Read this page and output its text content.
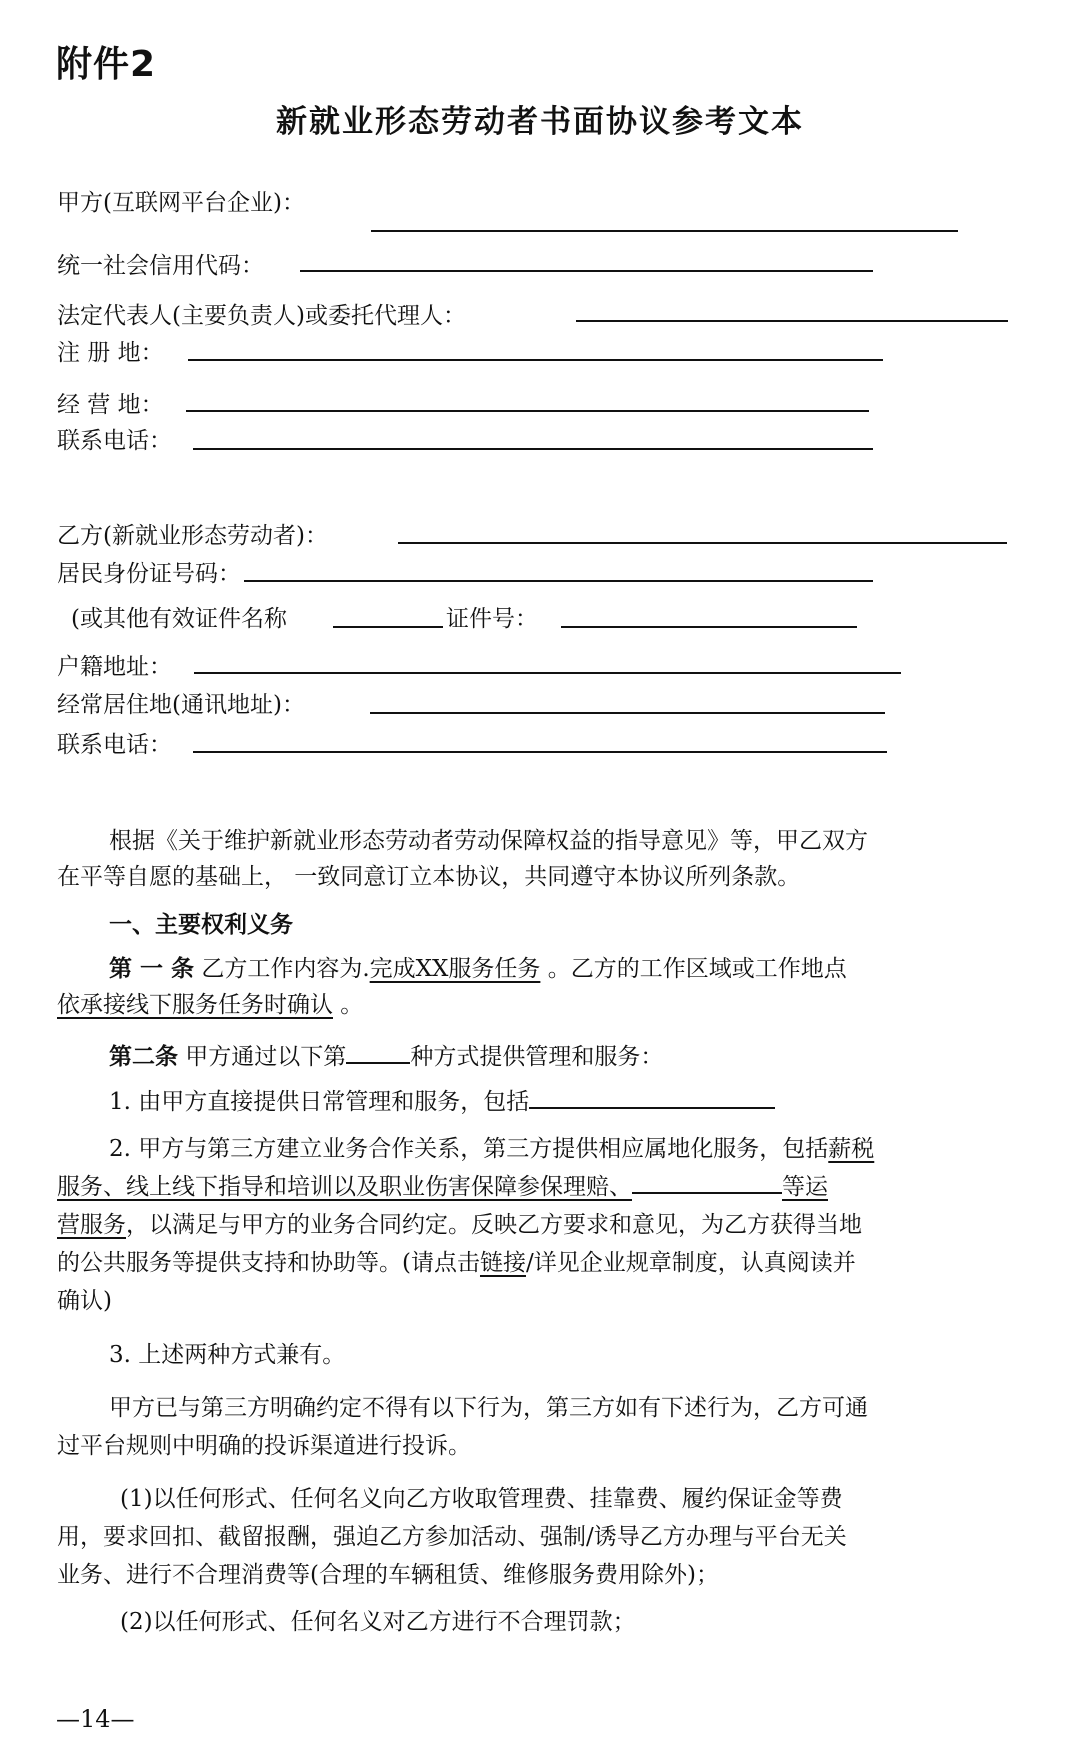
附件2
新就业形态劳动者书面协议参考文本
甲方(互联网平台企业)：
统一社会信用代码：
法定代表人(主要负责人)或委托代理人：
注 册 地：
经 营 地：
联系电话：
乙方(新就业形态劳动者)：
居民身份证号码：
(或其他有效证件名称	证件号：
户籍地址：
经常居住地(通讯地址)：
联系电话：
根据《关于维护新就业形态劳动者劳动保障权益的指导意见》等，甲乙双方
在平等自愿的基础上， 一致同意订立本协议，共同遵守本协议所列条款。
一、主要权利义务
第 一 条 乙方工作内容为.完成XX服务任务 。乙方的工作区域或工作地点
依承接线下服务任务时确认 。
第二条 甲方通过以下第	种方式提供管理和服务：
1. 由甲方直接提供日常管理和服务，包括
2. 甲方与第三方建立业务合作关系，第三方提供相应属地化服务，包括薪税
服务、线上线下指导和培训以及职业伤害保障参保理赔、	等运
营服务，以满足与甲方的业务合同约定。反映乙方要求和意见，为乙方获得当地
的公共服务等提供支持和协助等。(请点击链接/详见企业规章制度，认真阅读并
确认)
3. 上述两种方式兼有。
甲方已与第三方明确约定不得有以下行为，第三方如有下述行为，乙方可通
过平台规则中明确的投诉渠道进行投诉。
(1)以任何形式、任何名义向乙方收取管理费、挂靠费、履约保证金等费
用，要求回扣、截留报酬，强迫乙方参加活动、强制/诱导乙方办理与平台无关
业务、进行不合理消费等(合理的车辆租赁、维修服务费用除外)；
(2)以任何形式、任何名义对乙方进行不合理罚款；
—14—
